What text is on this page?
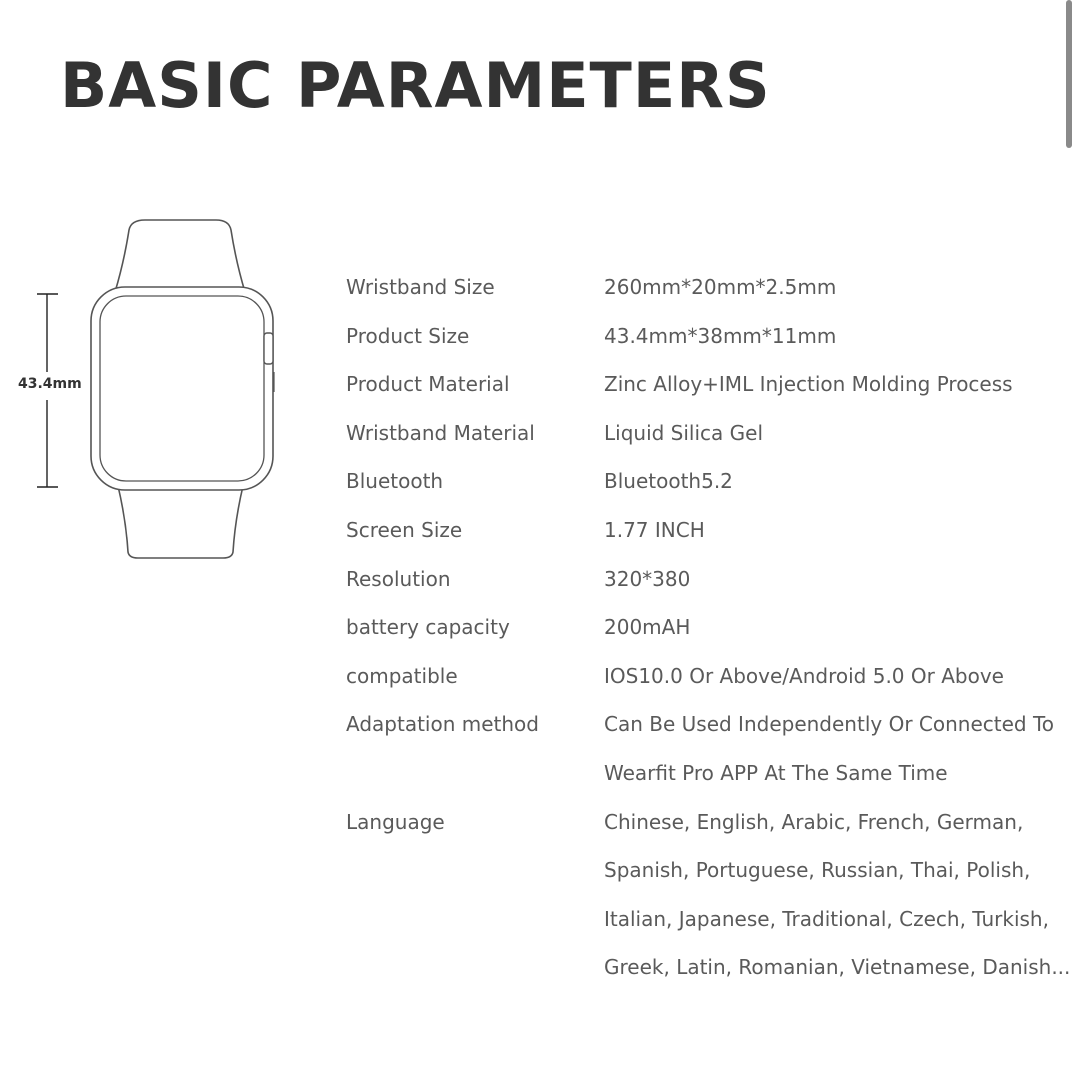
BASIC PARAMETERS
43.4mm
Wristband Size	260mm*20mm*2.5mm
Product Size	43.4mm*38mm*11mm
Product Material	Zinc Alloy+IML Injection Molding Process
Wristband Material	Liquid Silica Gel
Bluetooth	Bluetooth5.2
Screen Size	1.77 INCH
Resolution	320*380
battery capacity	200mAH
compatible	IOS10.0 Or Above/Android 5.0 Or Above
Adaptation method	Can Be Used Independently Or Connected To
Wearfit Pro APP At The Same Time
Language	Chinese, English, Arabic, French, German,
Spanish, Portuguese, Russian, Thai, Polish,
Italian, Japanese, Traditional, Czech, Turkish,
Greek, Latin, Romanian, Vietnamese, Danish...
